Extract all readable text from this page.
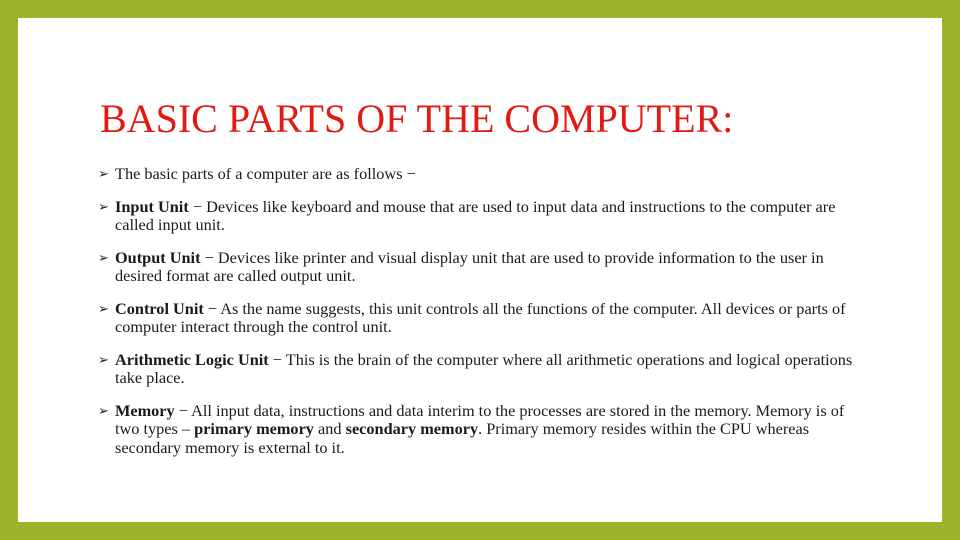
BASIC PARTS OF THE COMPUTER:
➢ The basic parts of a computer are as follows −
➢ Input Unit − Devices like keyboard and mouse that are used to input data and instructions to the computer are called input unit.
➢ Output Unit − Devices like printer and visual display unit that are used to provide information to the user in desired format are called output unit.
➢ Control Unit − As the name suggests, this unit controls all the functions of the computer. All devices or parts of computer interact through the control unit.
➢ Arithmetic Logic Unit − This is the brain of the computer where all arithmetic operations and logical operations take place.
➢ Memory − All input data, instructions and data interim to the processes are stored in the memory. Memory is of two types – primary memory and secondary memory. Primary memory resides within the CPU whereas secondary memory is external to it.
